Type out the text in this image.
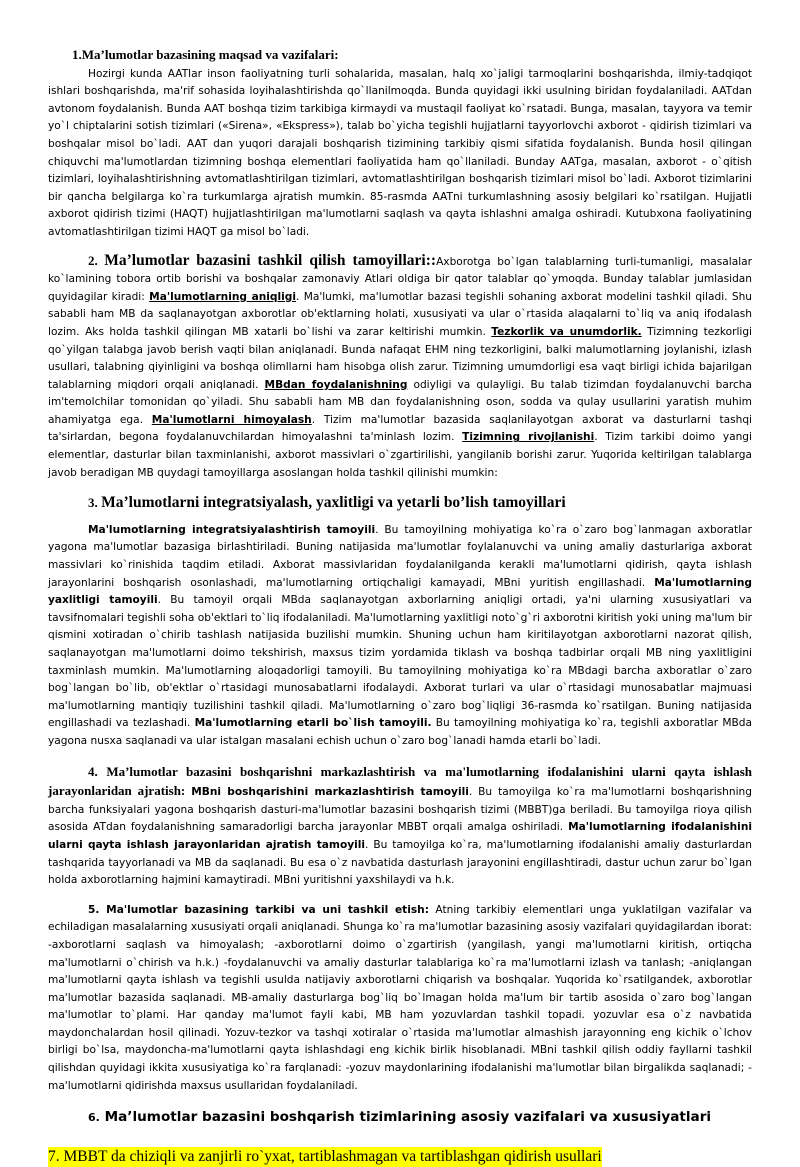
1.Ma’lumotlar bazasining maqsad va vazifalari:

Hozirgi kunda AATlar inson faoliyatning turli sohalarida, masalan, halq xo`jaligi tarmoqlarini boshqarishda, ilmiy-tadqiqot ishlari boshqarishda, ma'rif sohasida loyihalashtirishda qo`llanilmoqda. Bunda quyidagi ikki usulning biridan foydalaniladi. AATdan avtonom foydalanish. Bunda AAT boshqa tizim tarkibiga kirmaydi va mustaqil faoliyat ko`rsatadi. Bunga, masalan, tayyora va temir yo`l chiptalarini sotish tizimlari («Sirena», «Ekspress»), talab bo`yicha tegishli hujjatlarni tayyorlovchi axborot - qidirish tizimlari va boshqalar misol bo`ladi. AAT dan yuqori darajali boshqarish tizimining tarkibiy qismi sifatida foydalanish. Bunda hosil qilingan chiquvchi ma'lumotlardan tizimning boshqa elementlari faoliyatida ham qo`llaniladi. Bunday AATga, masalan, axborot - o`qitish tizimlari, loyihalashtirishning avtomatlashtirilgan tizimlari, avtomatlashtirilgan boshqarish tizimlari misol bo`ladi. Axborot tizimlarini bir qancha belgilarga ko`ra turkumlarga ajratish mumkin. 85-rasmda AATni turkumlashning asosiy belgilari ko`rsatilgan. Hujjatli axborot qidirish tizimi (HAQT) hujjatlashtirilgan ma'lumotlarni saqlash va qayta ishlashni amalga oshiradi. Kutubxona faoliyatining avtomatlashtirilgan tizimi HAQT ga misol bo`ladi.

2. Ma’lumotlar bazasini tashkil qilish tamoyillari::Axborotga bo`lgan talablarning turli-tumanligi, masalalar ko`lamining tobora ortib borishi va boshqalar zamonaviy Atlari oldiga bir qator talablar qo`ymoqda. Bunday talablar jumlasidan quyidagilar kiradi: Ma'lumotlarning aniqligi. Ma'lumki, ma'lumotlar bazasi tegishli sohaning axborat modelini tashkil qiladi. Shu sababli ham MB da saqlanayotgan axborotlar ob'ektlarning holati, xususiyati va ular o`rtasida alaqalarni to`liq va aniq ifodalash lozim. Aks holda tashkil qilingan MB xatarli bo`lishi va zarar keltirishi mumkin. Tezkorlik va unumdorlik. Tizimning tezkorligi qo`yilgan talabga javob berish vaqti bilan aniqlanadi. Bunda nafaqat EHM ning tezkorligini, balki malumotlarning joylanishi, izlash usullari, talabning qiyinligini va boshqa olimllarni ham hisobga olish zarur. Tizimning umumdorligi esa vaqt birligi ichida bajarilgan talablarning miqdori orqali aniqlanadi. MBdan foydalanishning odiyligi va qulayligi. Bu talab tizimdan foydalanuvchi barcha im'temolchilar tomonidan qo`yiladi. Shu sababli ham MB dan foydalanishning oson, sodda va qulay usullarini yaratish muhim ahamiyatga ega. Ma'lumotlarni himoyalash. Tizim ma'lumotlar bazasida saqlanilayotgan axborat va dasturlarni tashqi ta'sirlardan, begona foydalanuvchilardan himoyalashni ta'minlash lozim. Tizimning rivojlanishi. Tizim tarkibi doimo yangi elementlar, dasturlar bilan taxminlanishi, axborot massivlari o`zgartirilishi, yangilanib borishi zarur. Yuqorida keltirilgan talablarga javob beradigan MB quydagi tamoyillarga asoslangan holda tashkil qilinishi mumkin:

3. Ma’lumotlarni integratsiyalash, yaxlitligi va yetarli bo’lish tamoyillari

Ma'lumotlarning integratsiyalashtirish tamoyili. Bu tamoyilning mohiyatiga ko`ra o`zaro bog`lanmagan axboratlar yagona ma'lumotlar bazasiga birlashtiriladi. Buning natijasida ma'lumotlar foylalanuvchi va uning amaliy dasturlariga axborat massivlari ko`rinishida taqdim etiladi. Axborat massivlaridan foydalanilganda kerakli ma'lumotlarni qidirish, qayta ishlash jarayonlarini boshqarish osonlashadi, ma'lumotlarning ortiqchaligi kamayadi, MBni yuritish engillashadi. Ma'lumotlarning yaxlitligi tamoyili. Bu tamoyil orqali MBda saqlanayotgan axborlarning aniqligi ortadi, ya'ni ularning xususiyatlari va tavsifnomalari tegishli soha ob'ektlari to`liq ifodalaniladi. Ma'lumotlarning yaxlitligi noto`g`ri axborotni kiritish yoki uning ma'lum bir qismini xotiradan o`chirib tashlash natijasida buzilishi mumkin. Shuning uchun ham kiritilayotgan axborotlarni nazorat qilish, saqlanayotgan ma'lumotlarni doimo tekshirish, maxsus tizim yordamida tiklash va boshqa tadbirlar orqali MB ning yaxlitligini taxminlash mumkin. Ma'lumotlarning aloqadorligi tamoyili. Bu tamoyilning mohiyatiga ko`ra MBdagi barcha axboratlar o`zaro bog`langan bo`lib, ob'ektlar o`rtasidagi munosabatlarni ifodalaydi. Axborat turlari va ular o`rtasidagi munosabatlar majmuasi ma'lumotlarning mantiqiy tuzilishini tashkil qiladi. Ma'lumotlarning o`zaro bog`liqligi 36-rasmda ko`rsatilgan. Buning natijasida engillashadi va tezlashadi. Ma'lumotlarning etarli bo`lish tamoyili. Bu tamoyilning mohiyatiga ko`ra, tegishli axboratlar MBda yagona nusxa saqlanadi va ular istalgan masalani echish uchun o`zaro bog`lanadi hamda etarli bo`ladi.

4. Ma’lumotlar bazasini boshqarishni markazlashtirish va ma'lumotlarning ifodalanishini ularni qayta ishlash jarayonlaridan ajratish: MBni boshqarishini markazlashtirish tamoyili. Bu tamoyilga ko`ra ma'lumotlarni boshqarishning barcha funksiyalari yagona boshqarish dasturi-ma'lumotlar bazasini boshqarish tizimi (MBBT)ga beriladi. Bu tamoyilga rioya qilish asosida ATdan foydalanishning samaradorligi barcha jarayonlar MBBT orqali amalga oshiriladi. Ma'lumotlarning ifodalanishini ularni qayta ishlash jarayonlaridan ajratish tamoyili. Bu tamoyilga ko`ra, ma'lumotlarning ifodalanishi amaliy dasturlardan tashqarida tayyorlanadi va MB da saqlanadi. Bu esa o`z navbatida dasturlash jarayonini engillashtiradi, dastur uchun zarur bo`lgan holda axborotlarning hajmini kamaytiradi. MBni yuritishni yaxshilaydi va h.k.

5. Ma'lumotlar bazasining tarkibi va uni tashkil etish: Atning tarkibiy elementlari unga yuklatilgan vazifalar va echiladigan masalalarning xususiyati orqali aniqlanadi. Shunga ko`ra ma'lumotlar bazasining asosiy vazifalari quyidagilardan iborat: -axborotlarni saqlash va himoyalash; -axborotlarni doimo o`zgartirish (yangilash, yangi ma'lumotlarni kiritish, ortiqcha ma'lumotlarni o`chirish va h.k.) -foydalanuvchi va amaliy dasturlar talablariga ko`ra ma'lumotlarni izlash va tanlash; -aniqlangan ma'lumotlarni qayta ishlash va tegishli usulda natijaviy axborotlarni chiqarish va boshqalar. Yuqorida ko`rsatilgandek, axborotlar ma'lumotlar bazasida saqlanadi. MB-amaliy dasturlarga bog`liq bo`lmagan holda ma'lum bir tartib asosida o`zaro bog`langan ma'lumotlar to`plami. Har qanday ma'lumot fayli kabi, MB ham yozuvlardan tashkil topadi. yozuvlar esa o`z navbatida maydonchalardan hosil qilinadi. Yozuv-tezkor va tashqi xotiralar o`rtasida ma'lumotlar almashish jarayonning eng kichik o`lchov birligi bo`lsa, maydoncha-ma'lumotlarni qayta ishlashdagi eng kichik birlik hisoblanadi. MBni tashkil qilish oddiy fayllarni tashkil qilishdan quyidagi ikkita xususiyatiga ko`ra farqlanadi: -yozuv maydonlarining ifodalanishi ma'lumotlar bilan birgalikda saqlanadi; -ma'lumotlarni qidirishda maxsus usullaridan foydalaniladi.

6. Ma’lumotlar bazasini boshqarish tizimlarining asosiy vazifalari va xususiyatlari
7. MBBT da chiziqli va zanjirli ro`yxat, tartiblashmagan va tartiblashgan qidirish usullari
